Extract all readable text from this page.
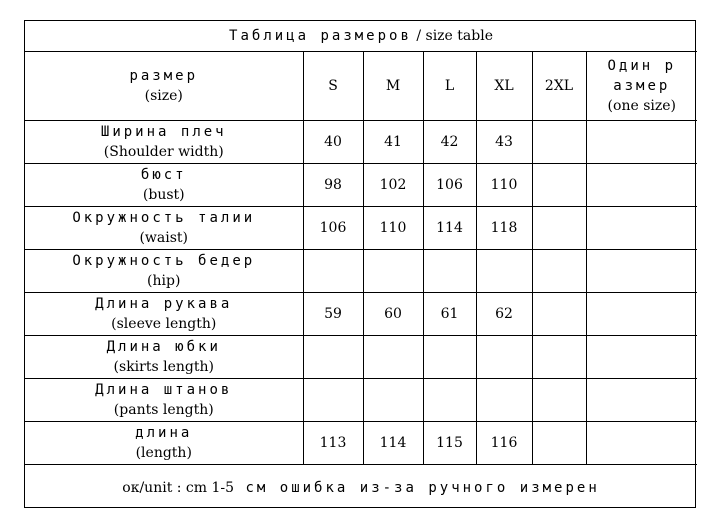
Таблица размеров / size table						

размер
(size)	S	M	L	XL	2XL	Один р
азмер
(one size)

Ширина плеч
(Shoulder width)	40	41	42	43		

бюст
(bust)	98	102	106	110		

Окружность талии
(waist)	106	110	114	118		

Окружность бедер
(hip)						

Длина рукава
(sleeve length)	59	60	61	62		

Длина юбки
(skirts length)						

Длина штанов
(pants length)						

длина
(length)	113	114	115	116		
ок/unit : cm 1-5 см ошибка из-за ручного измерен						
